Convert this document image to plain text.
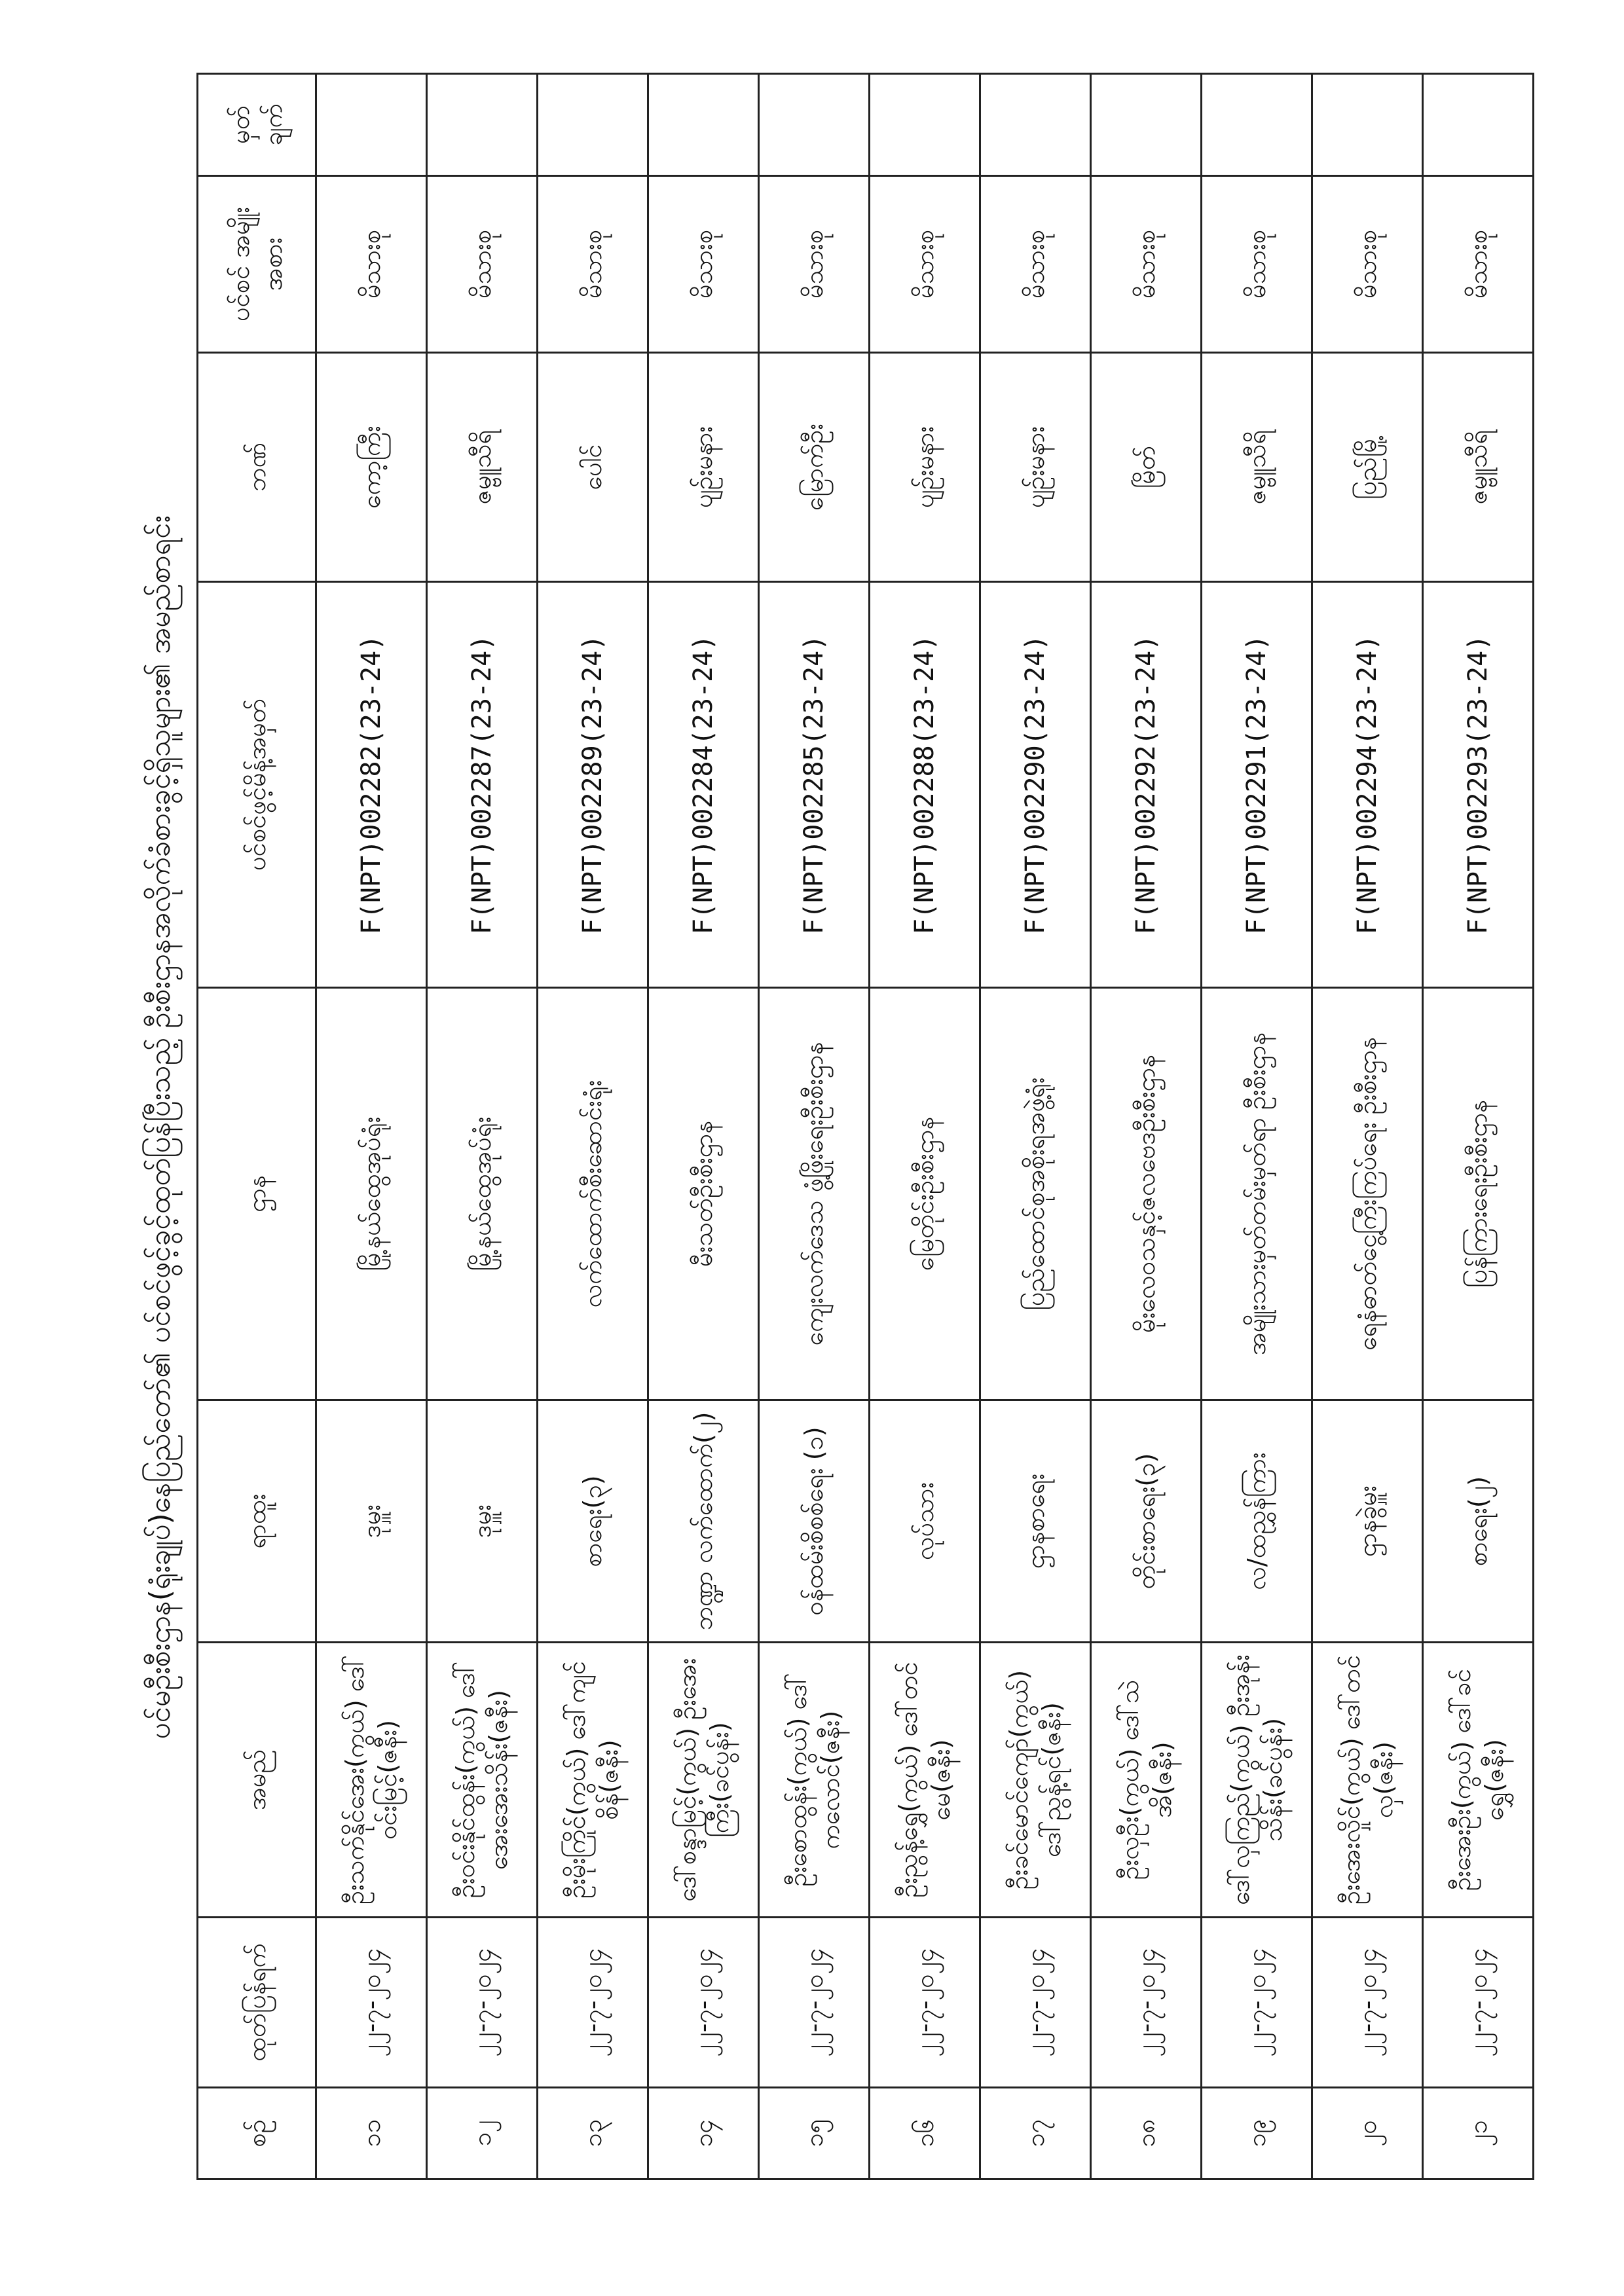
ပင်မဦးစီးဌာန(ရုံးချုပ်)နေပြည်တော်၏ ပင်စင်ဖွင့်ခွင့်ထုတ်ပြန်ပြီးသည့် ဦးစီးဌာနအလိုက်ခံစားခွင့်ရှိသူများ၏ အမည်စာရင်း
စဥ်	ထုတ်ပြန်ရက်	အမည်	ရာထူး	ဌာန	ပင်စင်ဖွင့်မိန့်အမှတ်	ဘဏ်	ပင်စင် အမျိုးအစား	မှတ် ချက်
၁၁	၂၂-၇-၂၀၂၄	ဦးသက်နိုင်အေး(ကွယ်) ဒေါ်ဝင်းမြင့်(ဇနီး)	ဒုမှူး	မြို့နယ်ထွေအုပ်ရုံး	F(NPT)002282(23-24)	ကော့ကြီး	မိသားစု	
၁၂	၂၂-၇-၂၀၂၄	ဦးဝင်းနိုင်ထွန်း(ကွယ်) ဒေါ်အေးအေးသိန်း(ဇနီး)	ဒုမှူး	မြို့နယ်ထွေအုပ်ရုံး	F(NPT)002287(23-24)	ဇမ္ဗူသီရိ	မိသားစု	
၁၃	၂၂-၇-၂၀၂၄	ဦးမိုးကြိုင်(ကွယ်) ဒေါ်ကျင်စိန်(ဇနီး)	စာရေး(၃)	လက်ထောက်စီးဆောင်းရုံး	F(NPT)002289(23-24)	ပေါင်	မိသားစု	
၁၄	၂၂-၇-၂၀၂၄	ဒေါ်စန္ဒာမြင့်(ကွယ်) ဦးအေးကြီး(ခင်ပွန်း)	ဘဏ္ဍာ လက်ထောက်(၂)	မီးသတ်ဦးစီးဌာန	F(NPT)002284(23-24)	ပျဉ်းမနား	မိသားစု	
၁၅	၂၂-၇-၂၀၂၄	ဦးစောထွန်း(ကွယ်) ဒေါ်ကလောင်(ဇနီး)	ဝန်ထမ်းစိစစ်ရေး (၁)	ကျေးလက်ဒေသ ဖွံ့ဖြိုးရေးဦးစီးဌာန	F(NPT)002285(23-24)	မြောက်ဦး	မိသားစု	
၁၆	၂၂-၇-၂၀၂၄	ဦးညွန့်ရွှေ(ကွယ်) ဒေါ်တင်မေ(ဇနီး)	လုပ်သား	မြေတိုင်းဦးစီးဌာန	F(NPT)002288(23-24)	ပျဉ်းမနား	မိသားစု	
၁၇	၂၂-၇-၂၀၂၄	ဦးခင်မောင်ကျော်(ကွယ်) ဒေါ်ညွန့်ရင်(ဇနီး)	ဌာနစာရေး	ပြည်ထောင်စုအစိုးရအဖွဲ့ရုံး	F(NPT)002290(23-24)	ပျဉ်းမနား	မိသားစု	
၁၈	၂၂-၇-၂၀၂၄	ဦးလှဦး(ကွယ်) ဒေါ်သဲအိ(ဇနီး)	တိုင်းစာရေး(၃)	မိုးလေဝသနှင့်ဇလဗေဒဦးစီးဌာန	F(NPT)002292(23-24)	မြိတ်	မိသားစု	
၁၉	၂၂-၇-၂၀၂၄	ဒေါ်လှကြည်(ကွယ်) ဦးအုန်းသိန်း(ခင်ပွန်း)	လ/ထညွှန်ကြား	အမျိုးသားမှတ်တမ်းမှတ်ရာ ဦးစီးဌာန	F(NPT)002291(23-24)	ဇမ္ဗူသီရိ	မိသားစု	
၂၀	၂၂-၇-၂၀၂၄	ဦးအေးလှိုင်(ကွယ်) ဒေါ်တင်လှ(ဇနီး)	ဌာနခွဲမှူး	ရေနံဓာတ်ငွေ့ကြီးကြပ်ရေး ဦးစီးဌာန	F(NPT)002294(23-24)	ပြည်မြို့	မိသားစု	
၂၁	၂၂-၇-၂၀၂၄	ဦးအေးဦး(ကွယ်) ဒေါ်ခင်ရွှေ(ဇနီး)	စာရေး(၂)	ပြန်ကြားရေးဦးစီးဌာန	F(NPT)002293(23-24)	ဇမ္ဗူသီရိ	မိသားစု	
